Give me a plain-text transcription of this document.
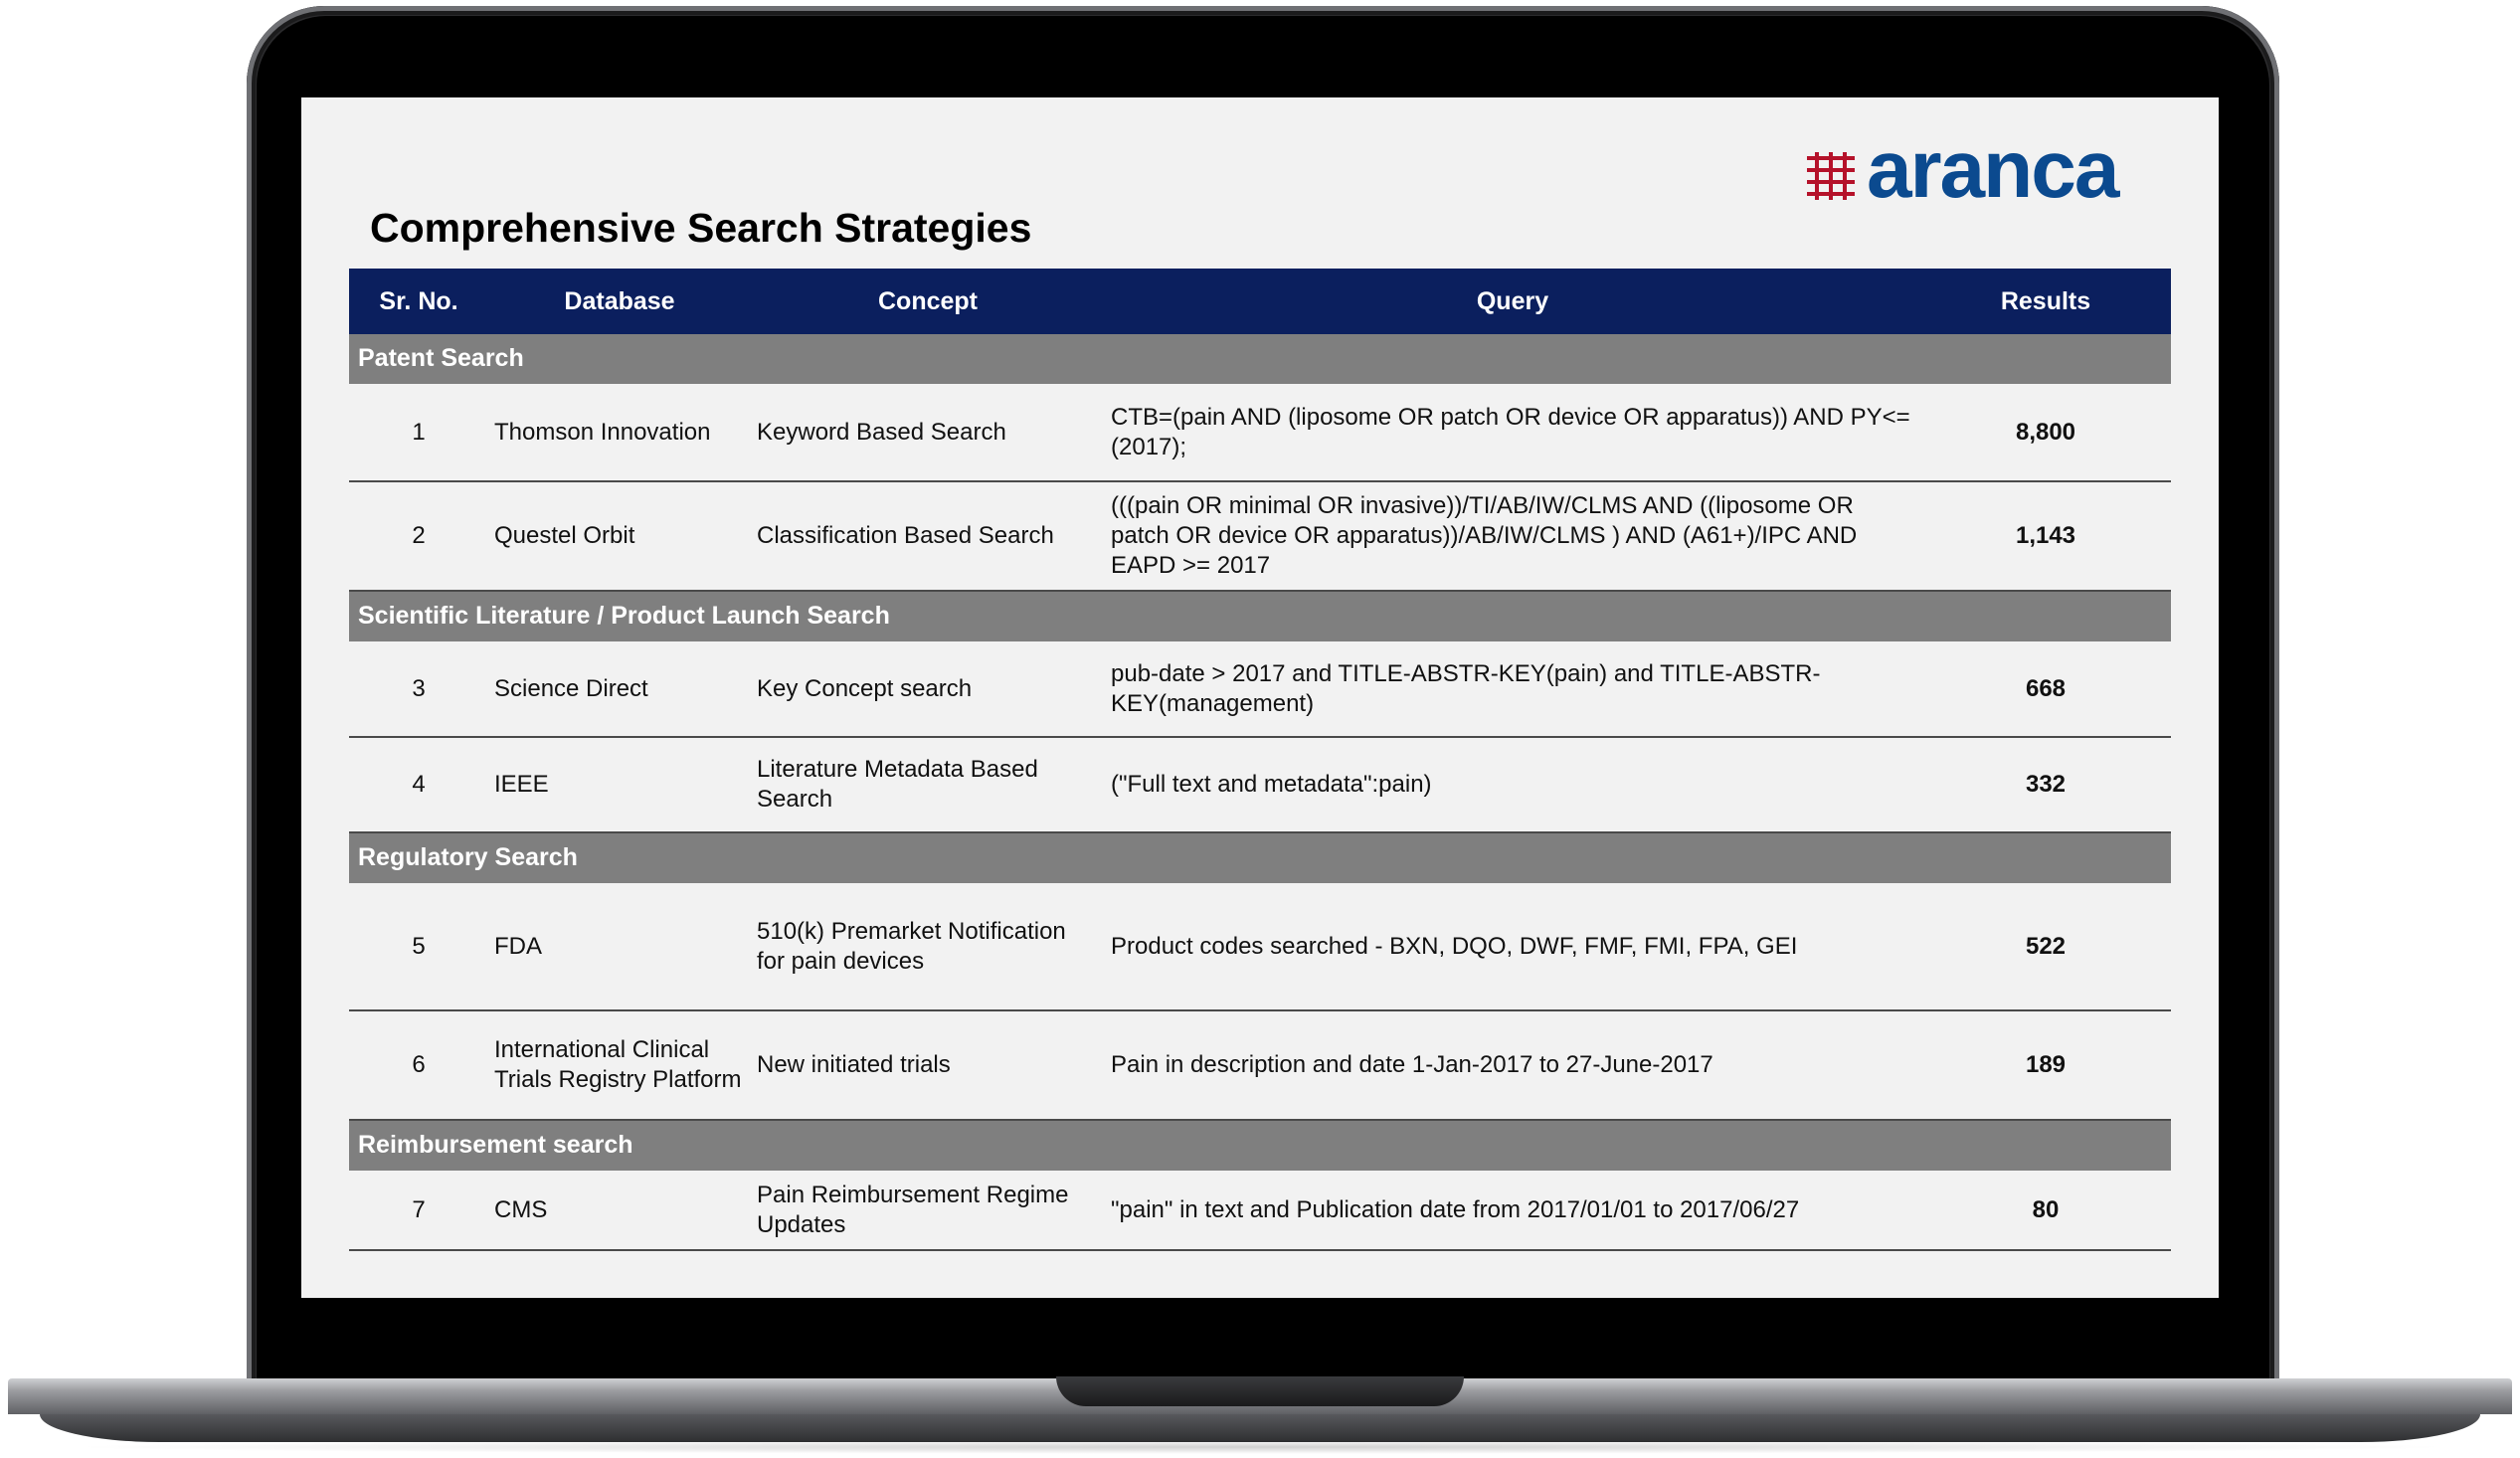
aranca
Comprehensive Search Strategies
Sr. No.	Database	Concept	Query	Results
Patent Search				
1	Thomson Innovation	Keyword Based Search	CTB=(pain AND (liposome OR patch OR device OR apparatus)) AND PY<=(2017);	8,800
2	Questel Orbit	Classification Based Search	(((pain OR minimal OR invasive))/TI/AB/IW/CLMS AND ((liposome OR patch OR device OR apparatus))/AB/IW/CLMS ) AND (A61+)/IPC AND EAPD >= 2017	1,143
Scientific Literature / Product Launch Search				
3	Science Direct	Key Concept search	pub-date > 2017 and TITLE-ABSTR-KEY(pain) and TITLE-ABSTR-KEY(management)	668
4	IEEE	Literature Metadata Based Search	("Full text and metadata":pain)	332
Regulatory Search				
5	FDA	510(k) Premarket Notification for pain devices	Product codes searched - BXN, DQO, DWF, FMF, FMI, FPA, GEI	522
6	International Clinical Trials Registry Platform	New initiated trials	Pain in description and date 1-Jan-2017 to 27-June-2017	189
Reimbursement search				
7	CMS	Pain Reimbursement Regime Updates	"pain" in text and Publication date from 2017/01/01 to 2017/06/27	80
